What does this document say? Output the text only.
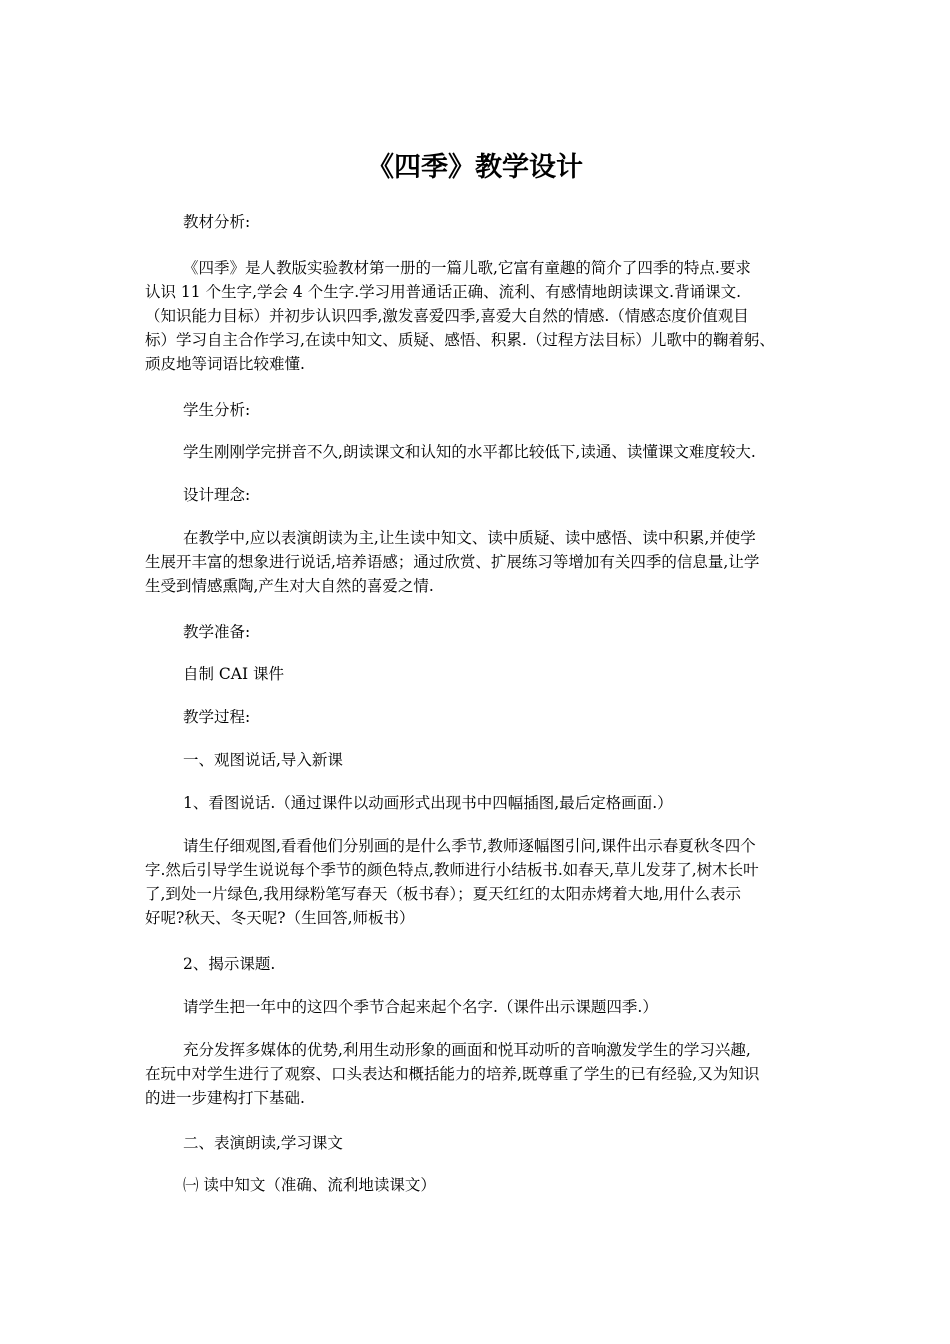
《四季》教学设计

教材分析:

《四季》是人教版实验教材第一册的一篇儿歌,它富有童趣的简介了四季的特点.要求
认识 11 个生字,学会 4 个生字.学习用普通话正确、流利、有感情地朗读课文.背诵课文.
（知识能力目标）并初步认识四季,激发喜爱四季,喜爱大自然的情感.（情感态度价值观目
标）学习自主合作学习,在读中知文、质疑、感悟、积累.（过程方法目标）儿歌中的鞠着躬、
顽皮地等词语比较难懂.

学生分析:

学生刚刚学完拼音不久,朗读课文和认知的水平都比较低下,读通、读懂课文难度较大.

设计理念:

在教学中,应以表演朗读为主,让生读中知文、读中质疑、读中感悟、读中积累,并使学
生展开丰富的想象进行说话,培养语感；通过欣赏、扩展练习等增加有关四季的信息量,让学
生受到情感熏陶,产生对大自然的喜爱之情.

教学准备:

自制 CAI 课件

教学过程:

一、观图说话,导入新课

1、看图说话.（通过课件以动画形式出现书中四幅插图,最后定格画面.）

请生仔细观图,看看他们分别画的是什么季节,教师逐幅图引问,课件出示春夏秋冬四个
字.然后引导学生说说每个季节的颜色特点,教师进行小结板书.如春天,草儿发芽了,树木长叶
了,到处一片绿色,我用绿粉笔写春天（板书春）；夏天红红的太阳赤烤着大地,用什么表示
好呢?秋天、冬天呢?（生回答,师板书）

2、揭示课题.

请学生把一年中的这四个季节合起来起个名字.（课件出示课题四季.）

充分发挥多媒体的优势,利用生动形象的画面和悦耳动听的音响激发学生的学习兴趣,
在玩中对学生进行了观察、口头表达和概括能力的培养,既尊重了学生的已有经验,又为知识
的进一步建构打下基础.

二、表演朗读,学习课文

㈠ 读中知文（准确、流利地读课文）
